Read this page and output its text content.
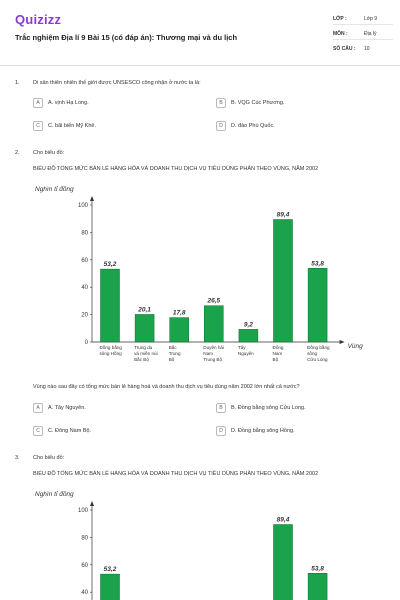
Quizizz
Trắc nghiệm Địa lí 9 Bài 15 (có đáp án): Thương mại và du lịch
LỚP :	Lớp 9
MÔN :	Địa lý
SỐ CÂU : 10
1. Di sản thiên nhiên thế giới được UNSESCO công nhận ở nước ta là:
A	A. vịnh Hạ Long.	B	B. VQG Cúc Phương.
C	C. bãi biển Mỹ Khê.	D	D. đảo Phú Quốc.
2. Cho biểu đồ:
BIỂU ĐỒ TỔNG MỨC BÁN LẺ HÀNG HÓA VÀ DOANH THU DỊCH VỤ TIÊU DÙNG PHÂN THEO VÙNG, NĂM 2002
Nghìn tỉ đồng
0
20
40
60
80
100
Vùng
53,2
Đồng bằng sông Hồng
20,1
Trung du và miền núi Bắc Bộ
17,8
Bắc Trung Bộ
26,5
Duyên hải Nam Trung Bộ
9,2
Tây Nguyên
89,4
Đông Nam Bộ
53,8
Đồng bằng sông Cửu Long
Vùng nào sau đây có tổng mức bán lẻ hàng hoá và doanh thu dịch vụ tiêu dùng năm 2002 lớn nhất cả nước?
A	A. Tây Nguyên.	B	B. Đồng bằng sông Cửu Long.
C	C. Đông Nam Bộ.	D	D. Đồng bằng sông Hồng.
3. Cho biểu đồ:
BIỂU ĐỒ TỔNG MỨC BÁN LẺ HÀNG HÓA VÀ DOANH THU DỊCH VỤ TIÊU DÙNG PHÂN THEO VÙNG, NĂM 2002
Nghìn tỉ đồng
40
60
80
100
53,2
89,4
53,8
